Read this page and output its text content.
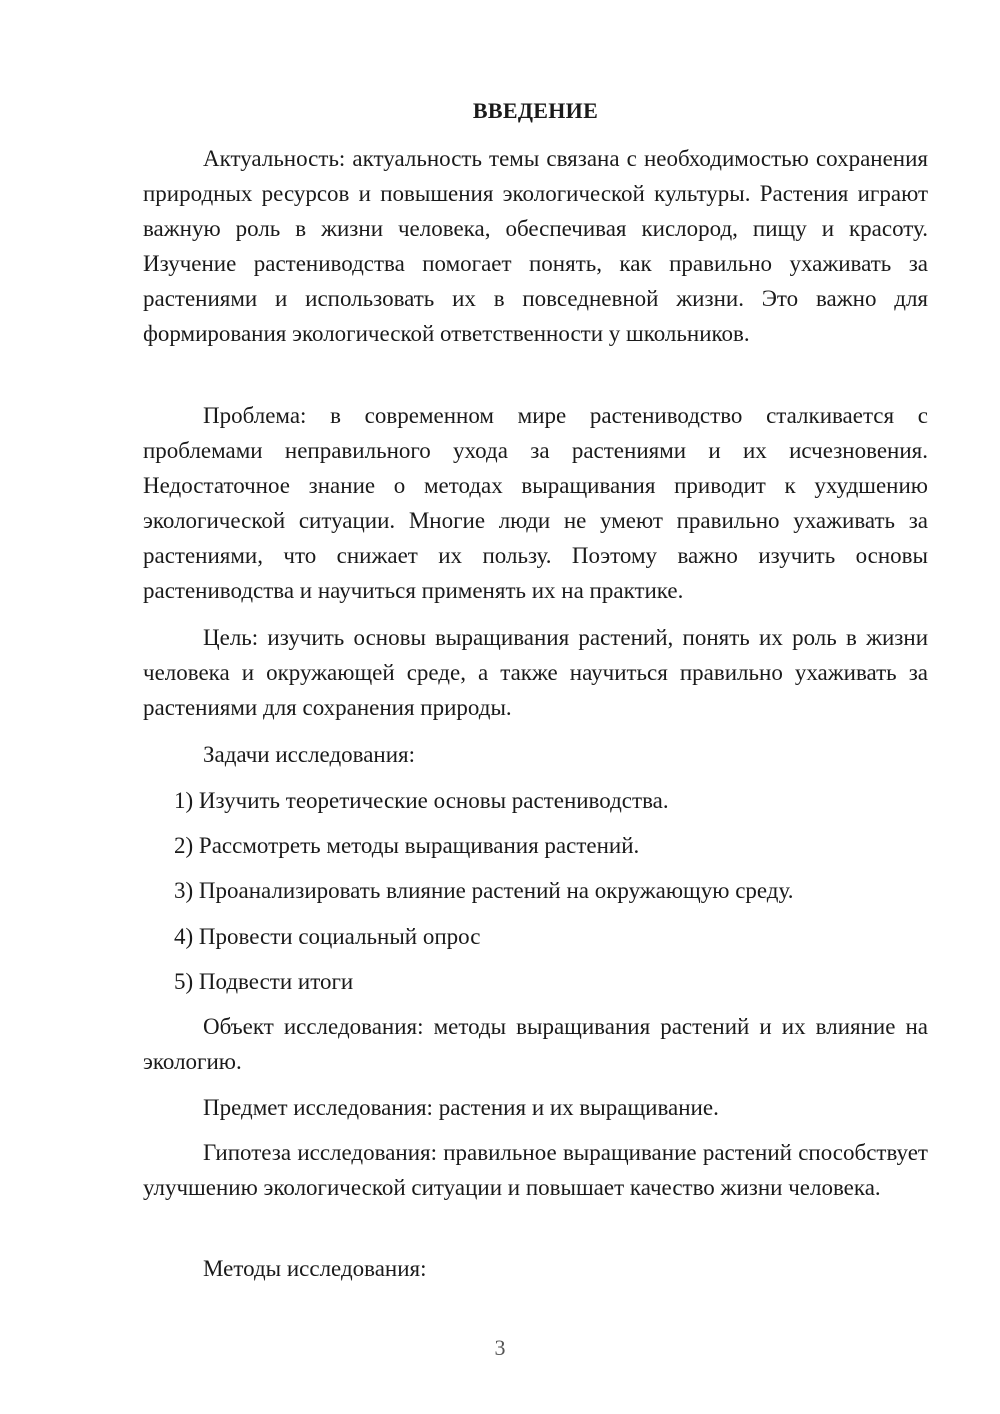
ВВЕДЕНИЕ

Актуальность: актуальность темы связана с необходимостью сохранения природных ресурсов и повышения экологической культуры. Растения играют важную роль в жизни человека, обеспечивая кислород, пищу и красоту. Изучение растениводства помогает понять, как правильно ухаживать за растениями и использовать их в повседневной жизни. Это важно для формирования экологической ответственности у школьников.

Проблема: в современном мире растениводство сталкивается с проблемами неправильного ухода за растениями и их исчезновения. Недостаточное знание о методах выращивания приводит к ухудшению экологической ситуации. Многие люди не умеют правильно ухаживать за растениями, что снижает их пользу. Поэтому важно изучить основы растениводства и научиться применять их на практике.

Цель: изучить основы выращивания растений, понять их роль в жизни человека и окружающей среде, а также научиться правильно ухаживать за растениями для сохранения природы.

Задачи исследования:

1) Изучить теоретические основы растениводства.

2) Рассмотреть методы выращивания растений.

3) Проанализировать влияние растений на окружающую среду.

4) Провести социальный опрос

5) Подвести итоги

Объект исследования: методы выращивания растений и их влияние на экологию.

Предмет исследования: растения и их выращивание.

Гипотеза исследования: правильное выращивание растений способствует улучшению экологической ситуации и повышает качество жизни человека.

Методы исследования:

3
